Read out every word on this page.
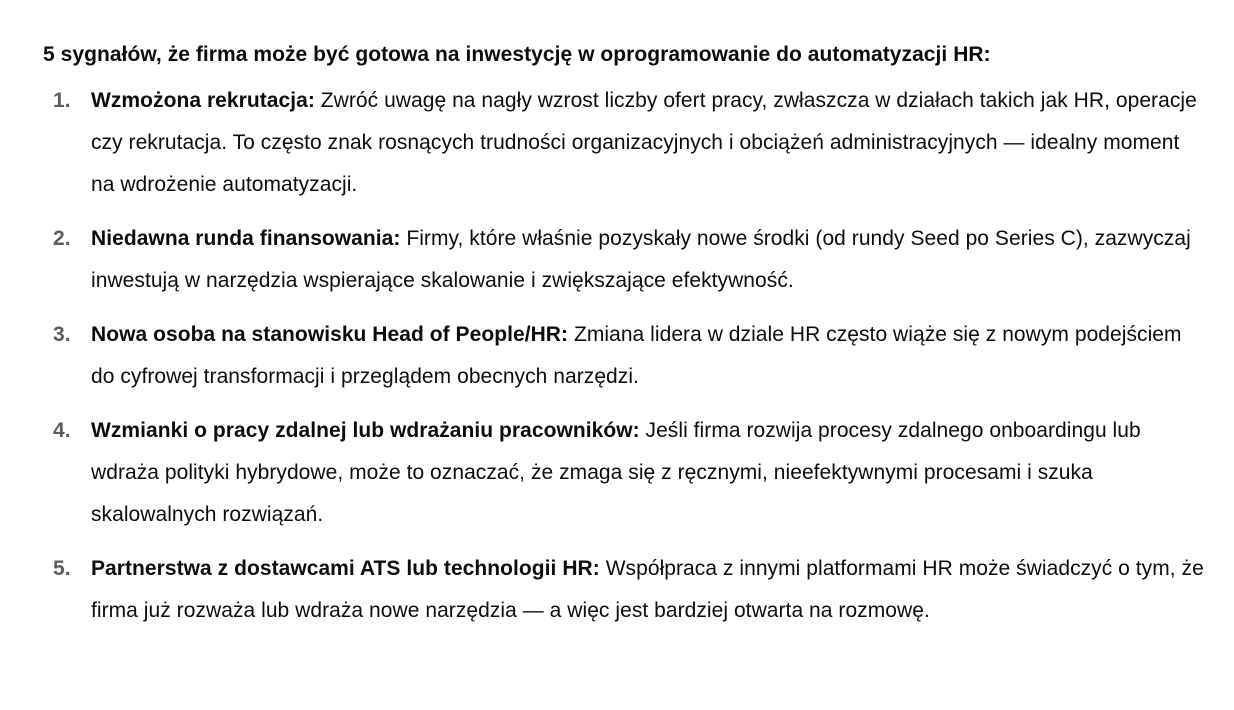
5 sygnałów, że firma może być gotowa na inwestycję w oprogramowanie do automatyzacji HR:

1. Wzmożona rekrutacja: Zwróć uwagę na nagły wzrost liczby ofert pracy, zwłaszcza w działach takich jak HR, operacje czy rekrutacja. To często znak rosnących trudności organizacyjnych i obciążeń administracyjnych — idealny moment na wdrożenie automatyzacji.
2. Niedawna runda finansowania: Firmy, które właśnie pozyskały nowe środki (od rundy Seed po Series C), zazwyczaj inwestują w narzędzia wspierające skalowanie i zwiększające efektywność.
3. Nowa osoba na stanowisku Head of People/HR: Zmiana lidera w dziale HR często wiąże się z nowym podejściem do cyfrowej transformacji i przeglądem obecnych narzędzi.
4. Wzmianki o pracy zdalnej lub wdrażaniu pracowników: Jeśli firma rozwija procesy zdalnego onboardingu lub wdraża polityki hybrydowe, może to oznaczać, że zmaga się z ręcznymi, nieefektywnymi procesami i szuka skalowalnych rozwiązań.
5. Partnerstwa z dostawcami ATS lub technologii HR: Współpraca z innymi platformami HR może świadczyć o tym, że firma już rozważa lub wdraża nowe narzędzia — a więc jest bardziej otwarta na rozmowę.
